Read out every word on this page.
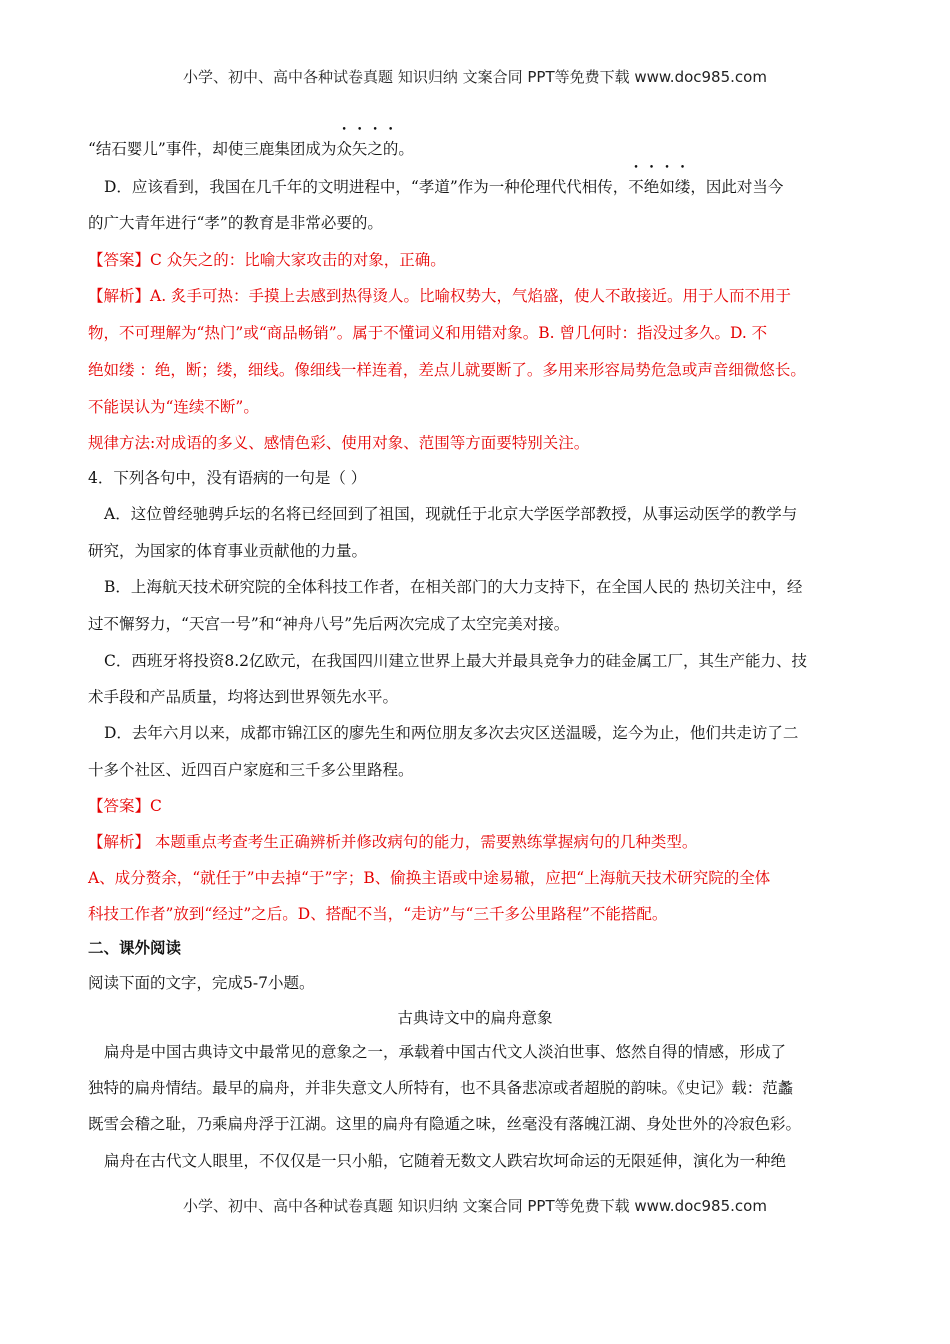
小学、初中、高中各种试卷真题 知识归纳 文案合同 PPT等免费下载 www.doc985.com
“结石婴儿”事件，却使三鹿集团成为众矢之的。
D．应该看到，我国在几千年的文明进程中，“孝道”作为一种伦理代代相传，不绝如缕，因此对当今
的广大青年进行“孝”的教育是非常必要的。
【答案】C 众矢之的：比喻大家攻击的对象，正确。
【解析】A. 炙手可热：手摸上去感到热得烫人。比喻权势大，气焰盛，使人不敢接近。用于人而不用于
物，不可理解为“热门”或“商品畅销”。属于不懂词义和用错对象。B. 曾几何时：指没过多久。D. 不
绝如缕 ：绝，断；缕，细线。像细线一样连着，差点儿就要断了。多用来形容局势危急或声音细微悠长。
不能误认为“连续不断”。
规律方法:对成语的多义、感情色彩、使用对象、范围等方面要特别关注。
4．下列各句中，没有语病的一句是（ ）
A．这位曾经驰骋乒坛的名将已经回到了祖国，现就任于北京大学医学部教授，从事运动医学的教学与
研究，为国家的体育事业贡献他的力量。
B．上海航天技术研究院的全体科技工作者，在相关部门的大力支持下，在全国人民的 热切关注中，经
过不懈努力，“天宫一号”和“神舟八号”先后两次完成了太空完美对接。
C．西班牙将投资8.2亿欧元，在我国四川建立世界上最大并最具竞争力的硅金属工厂，其生产能力、技
术手段和产品质量，均将达到世界领先水平。
D．去年六月以来，成都市锦江区的廖先生和两位朋友多次去灾区送温暖，迄今为止，他们共走访了二
十多个社区、近四百户家庭和三千多公里路程。
【答案】C
【解析】 本题重点考查考生正确辨析并修改病句的能力，需要熟练掌握病句的几种类型。
A、成分赘余，“就任于”中去掉“于”字；B、偷换主语或中途易辙，应把“上海航天技术研究院的全体
科技工作者”放到“经过”之后。D、搭配不当，“走访”与“三千多公里路程”不能搭配。
二、课外阅读
阅读下面的文字，完成5-7小题。
古典诗文中的扁舟意象
扁舟是中国古典诗文中最常见的意象之一，承载着中国古代文人淡泊世事、悠然自得的情感，形成了
独特的扁舟情结。最早的扁舟，并非失意文人所特有，也不具备悲凉或者超脱的韵味。《史记》载：范蠡
既雪会稽之耻，乃乘扁舟浮于江湖。这里的扁舟有隐遁之味，丝毫没有落魄江湖、身处世外的冷寂色彩。
扁舟在古代文人眼里，不仅仅是一只小船，它随着无数文人跌宕坎坷命运的无限延伸，演化为一种绝
小学、初中、高中各种试卷真题 知识归纳 文案合同 PPT等免费下载 www.doc985.com
